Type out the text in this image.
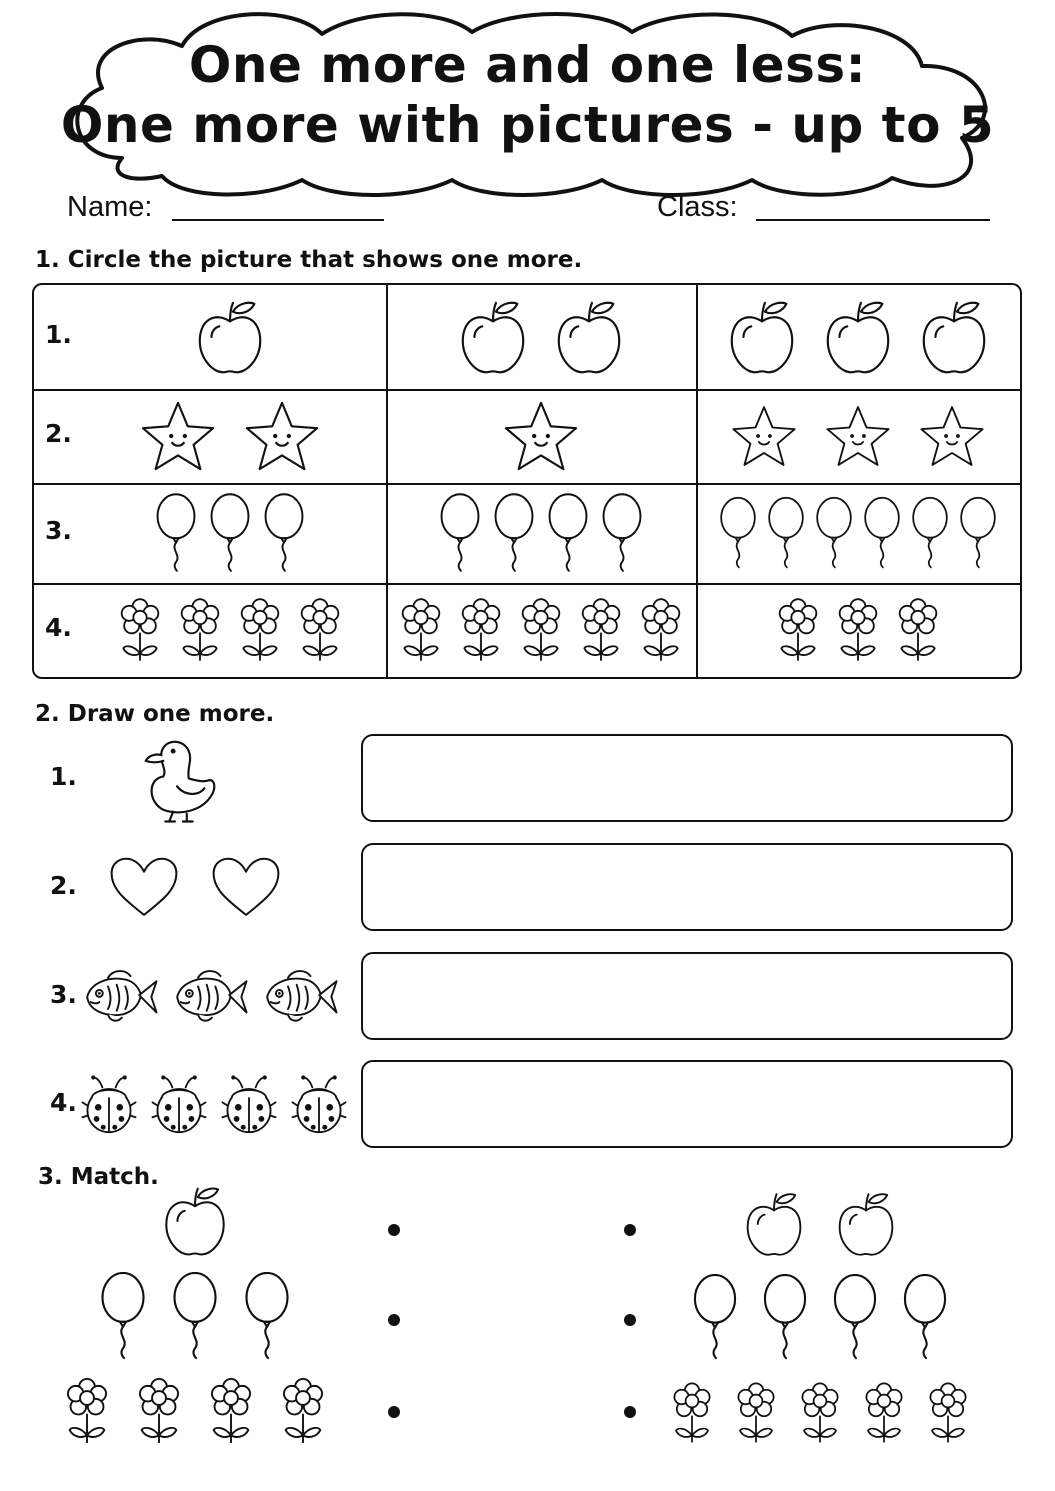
One more and one less:
One more with pictures - up to 5
Name:	Class:
1. Circle the picture that shows one more.
1.
2.
3.
4.
2. Draw one more.
1.
2.
3.
4.
3. Match.
